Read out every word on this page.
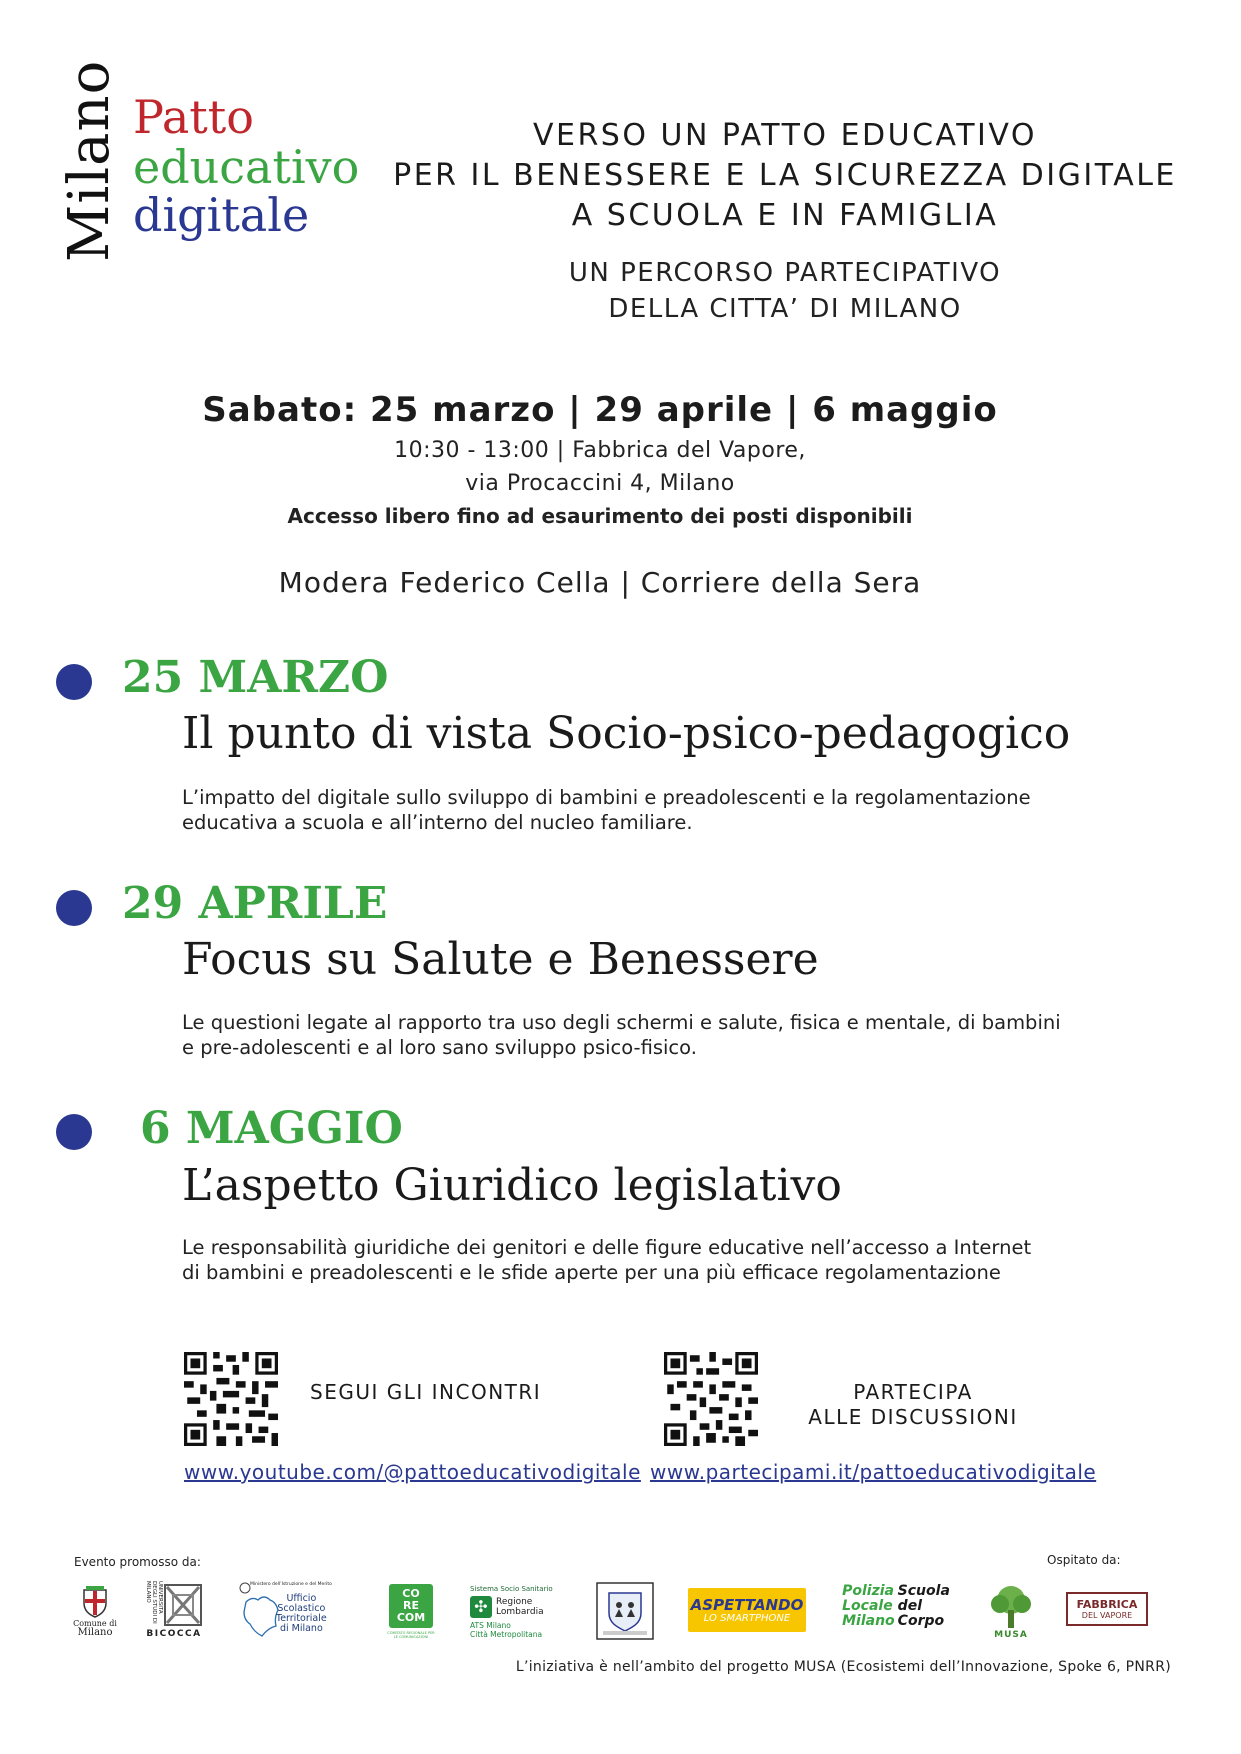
Milano Patto
educativo
digitale
VERSO UN PATTO EDUCATIVO
PER IL BENESSERE E LA SICUREZZA DIGITALE
A SCUOLA E IN FAMIGLIA
UN PERCORSO PARTECIPATIVO
DELLA CITTA’ DI MILANO
Sabato: 25 marzo | 29 aprile | 6 maggio
10:30 - 13:00 | Fabbrica del Vapore,
via Procaccini 4, Milano
Accesso libero fino ad esaurimento dei posti disponibili
Modera Federico Cella | Corriere della Sera
25 MARZO
Il punto di vista Socio-psico-pedagogico
L’impatto del digitale sullo sviluppo di bambini e preadolescenti e la regolamentazione
educativa a scuola e all’interno del nucleo familiare.
29 APRILE
Focus su Salute e Benessere
Le questioni legate al rapporto tra uso degli schermi e salute, fisica e mentale, di bambini
e pre-adolescenti e al loro sano sviluppo psico-fisico.
6 MAGGIO
L’aspetto Giuridico legislativo
Le responsabilità giuridiche dei genitori e delle figure educative nell’accesso a Internet
di bambini e preadolescenti e le sfide aperte per una più efficace regolamentazione
SEGUI GLI INCONTRI	PARTECIPA
ALLE DISCUSSIONI
www.youtube.com/@pattoeducativodigitale www.partecipami.it/pattoeducativodigitale
Evento promosso da:	Ospitato da:
Comune di
Milano
UNIVERSITÀ DEGLI STUDI DI MILANO
BICOCCA
Ministero dell’Istruzione e del Merito
Ufficio
Scolastico
Territoriale
di Milano
CO
RE
COM
COMITATO REGIONALE PER LE COMUNICAZIONI
Sistema Socio Sanitario
✣ Regione
Lombardia
ATS Milano
Città Metropolitana
ASPETTANDO
LO SMARTPHONE
Polizia
Locale
Milano
Scuola
del
Corpo
MUSA
FABBRICA
DEL VAPORE
L’iniziativa è nell’ambito del progetto MUSA (Ecosistemi dell’Innovazione, Spoke 6, PNRR)
